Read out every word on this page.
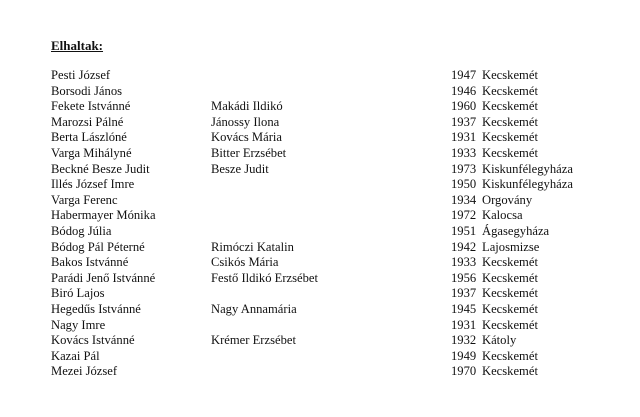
Elhaltak:
Pesti József	1947 Kecskemét
Borsodi János	1946 Kecskemét
Fekete Istvánné	Makádi Ildikó	1960 Kecskemét
Marozsi Pálné	Jánossy Ilona	1937 Kecskemét
Berta Lászlóné	Kovács Mária	1931 Kecskemét
Varga Mihályné	Bitter Erzsébet	1933 Kecskemét
Beckné Besze Judit	Besze Judit	1973 Kiskunfélegyháza
Illés József Imre	1950 Kiskunfélegyháza
Varga Ferenc	1934 Orgovány
Habermayer Mónika	1972 Kalocsa
Bódog Júlia	1951 Ágasegyháza
Bódog Pál Péterné	Rimóczi Katalin	1942 Lajosmizse
Bakos Istvánné	Csikós Mária	1933 Kecskemét
Parádi Jenő Istvánné	Festő Ildikó Erzsébet	1956 Kecskemét
Biró Lajos	1937 Kecskemét
Hegedűs Istvánné	Nagy Annamária	1945 Kecskemét
Nagy Imre	1931 Kecskemét
Kovács Istvánné	Krémer Erzsébet	1932 Kátoly
Kazai Pál	1949 Kecskemét
Mezei József	1970 Kecskemét
